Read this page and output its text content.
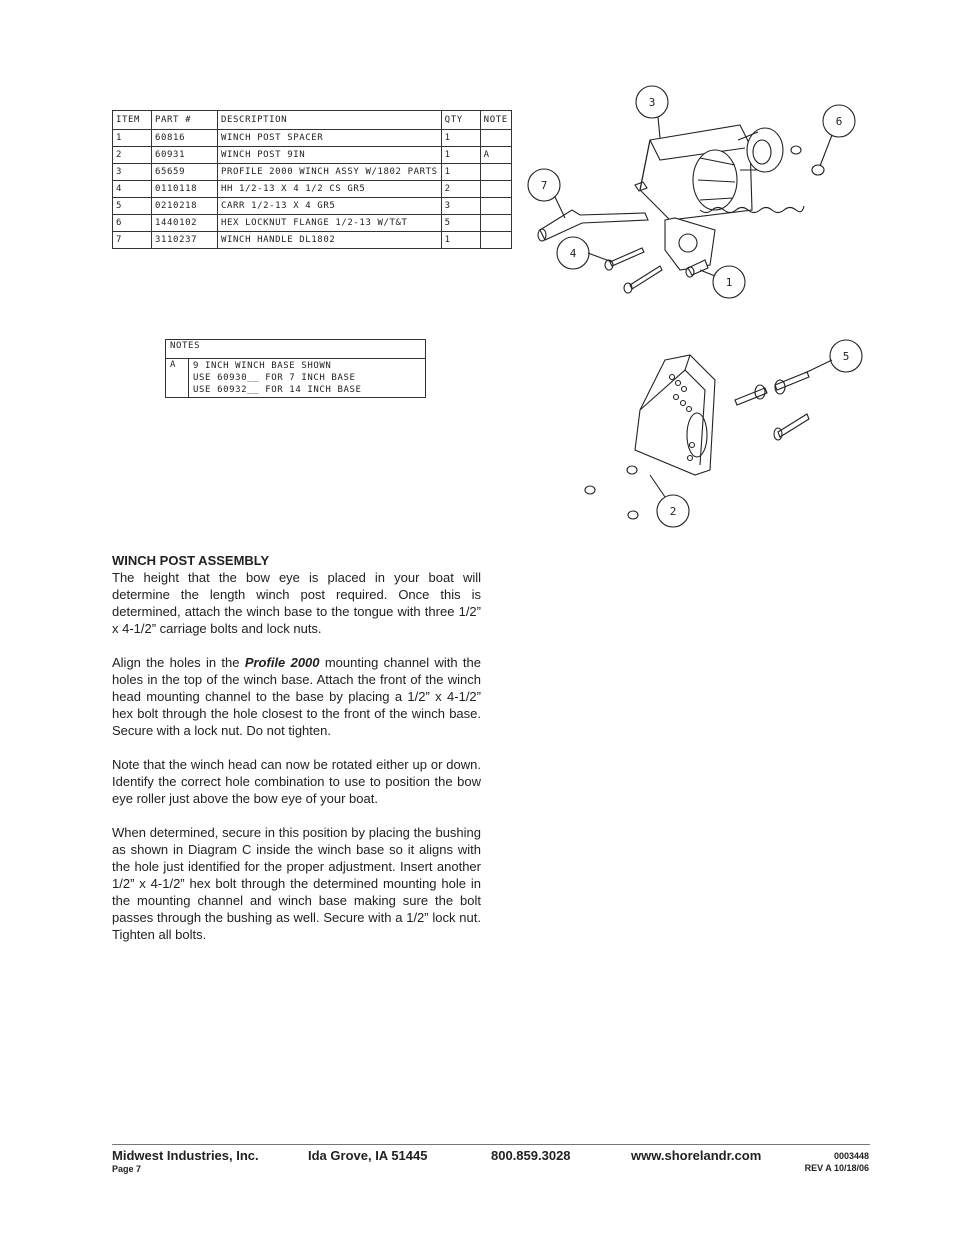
ITEM	PART #	DESCRIPTION	QTY	NOTE
1	60816	WINCH POST SPACER	1	
2	60931	WINCH POST 9IN	1	A
3	65659	PROFILE 2000 WINCH ASSY W/1802 PARTS	1	
4	0110118	HH 1/2-13 X 4 1/2 CS GR5	2	
5	0210218	CARR 1/2-13 X 4 GR5	3	
6	1440102	HEX LOCKNUT FLANGE 1/2-13 W/T&T	5	
7	3110237	WINCH HANDLE DL1802	1	
NOTES
A	9 INCH WINCH BASE SHOWN
USE 60930__ FOR 7 INCH BASE
USE 60932__ FOR 14 INCH BASE
3
6
7
4
1
5
2
WINCH POST ASSEMBLY

The height that the bow eye is placed in your boat will determine the length winch post required. Once this is determined, attach the winch base to the tongue with three 1/2” x 4-1/2” carriage bolts and lock nuts.

Align the holes in the Profile 2000 mounting channel with the holes in the top of the winch base. Attach the front of the winch head mounting channel to the base by placing a 1/2” x 4-1/2” hex bolt through the hole closest to the front of the winch base. Secure with a lock nut. Do not tighten.

Note that the winch head can now be rotated either up or down. Identify the correct hole combination to use to position the bow eye roller just above the bow eye of your boat.

When determined, secure in this position by placing the bushing as shown in Diagram C inside the winch base so it aligns with the hole just identified for the proper adjustment. Insert another 1/2” x 4-1/2” hex bolt through the determined mounting hole in the mounting channel and winch base making sure the bolt passes through the bushing as well. Secure with a 1/2” lock nut. Tighten all bolts.

Midwest Industries, Inc.	Ida Grove, IA 51445	800.859.3028	www.shorelandr.com
Page 7
0003448
REV A 10/18/06
